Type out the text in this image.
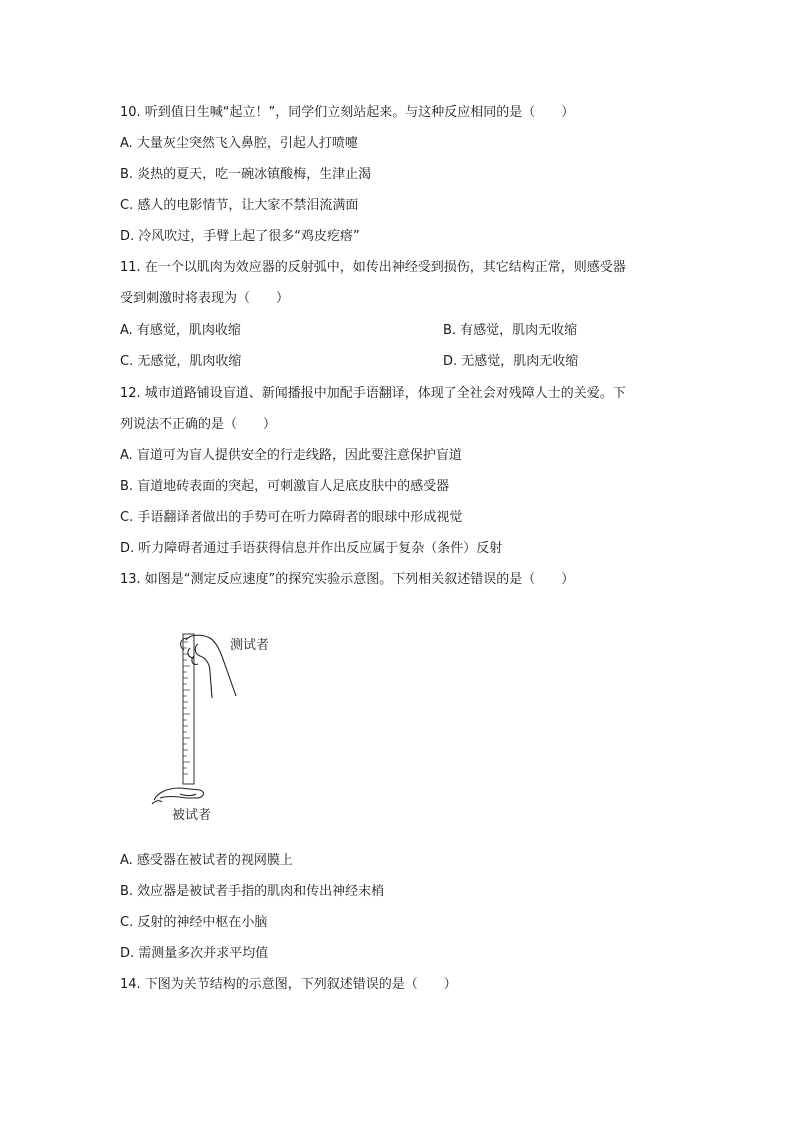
10. 听到值日生喊“起立！”，同学们立刻站起来。与这种反应相同的是（　　）
A. 大量灰尘突然飞入鼻腔，引起人打喷嚏
B. 炎热的夏天，吃一碗冰镇酸梅，生津止渴
C. 感人的电影情节，让大家不禁泪流满面
D. 冷风吹过，手臂上起了很多“鸡皮疙瘩”
11. 在一个以肌肉为效应器的反射弧中，如传出神经受到损伤，其它结构正常，则感受器
受到刺激时将表现为（　　）
A. 有感觉，肌肉收缩	B. 有感觉，肌肉无收缩
C. 无感觉，肌肉收缩	D. 无感觉，肌肉无收缩
12. 城市道路铺设盲道、新闻播报中加配手语翻译，体现了全社会对残障人士的关爱。下
列说法不正确的是（　　）
A. 盲道可为盲人提供安全的行走线路，因此要注意保护盲道
B. 盲道地砖表面的突起，可刺激盲人足底皮肤中的感受器
C. 手语翻译者做出的手势可在听力障碍者的眼球中形成视觉
D. 听力障碍者通过手语获得信息并作出反应属于复杂（条件）反射
13. 如图是“测定反应速度”的探究实验示意图。下列相关叙述错误的是（　　）
测试者
被试者
A. 感受器在被试者的视网膜上
B. 效应器是被试者手指的肌肉和传出神经末梢
C. 反射的神经中枢在小脑
D. 需测量多次并求平均值
14. 下图为关节结构的示意图，下列叙述错误的是（　　）
